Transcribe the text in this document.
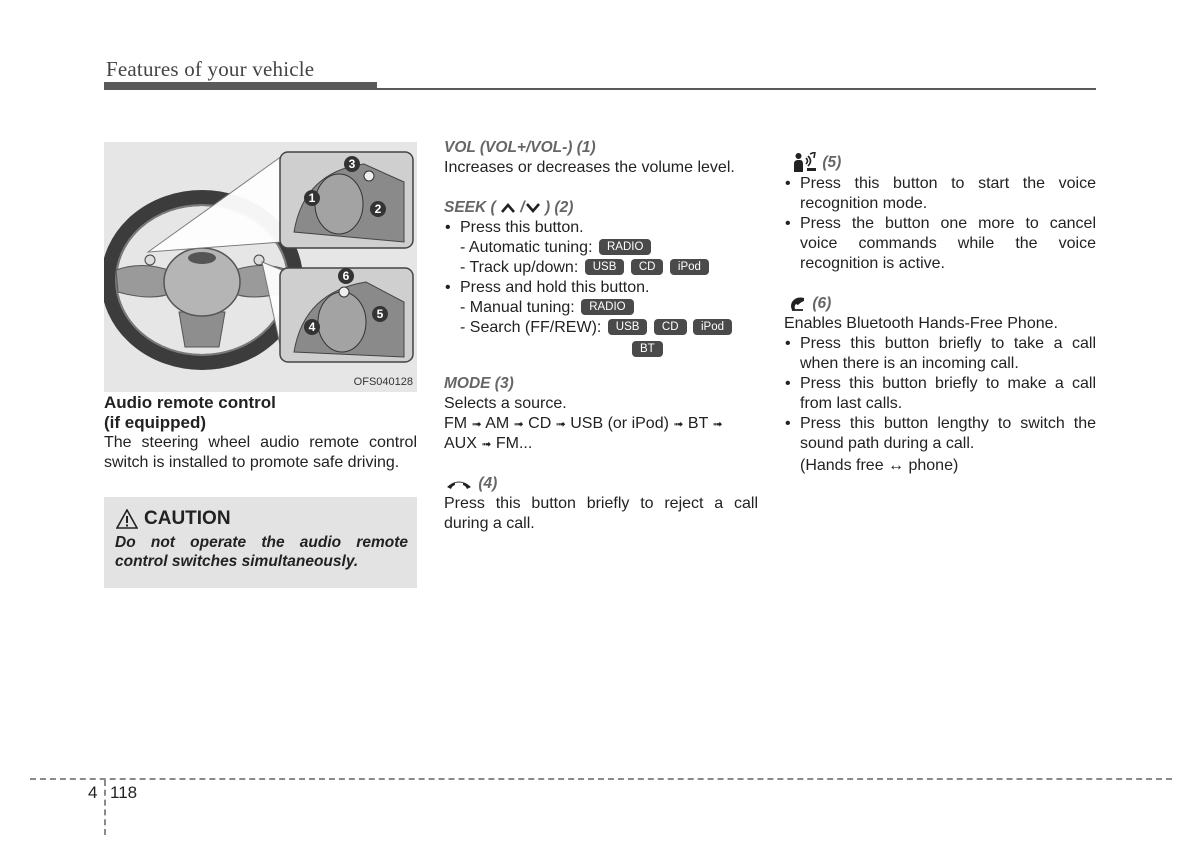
Features of your vehicle
3
1
2
6
4
5
OFS040128
Audio remote control
(if equipped)

The steering wheel audio remote control switch is installed to promote safe driving.

CAUTION
Do not operate the audio remote control switches simultaneously.
VOL (VOL+/VOL-) (1)
Increases or decreases the volume level.
SEEK (  / ) (2)
• Press this button.
- Automatic tuning: RADIO
- Track up/down: USB CD iPod
• Press and hold this button.
- Manual tuning: RADIO
- Search (FF/REW): USB CD iPod
BT
MODE (3)
Selects a source.
FM ➟ AM ➟ CD ➟ USB (or iPod) ➟ BT ➟
AUX ➟ FM...
(4)
Press this button briefly to reject a call during a call.
(5)
• Press this button to start the voice recognition mode.
• Press the button one more to cancel voice commands while the voice recognition is active.
(6)
Enables Bluetooth Hands-Free Phone.
• Press this button briefly to take a call when there is an incoming call.
• Press this button briefly to make a call from last calls.
• Press this button lengthy to switch the sound path during a call.
(Hands free ↔ phone)
4 118
